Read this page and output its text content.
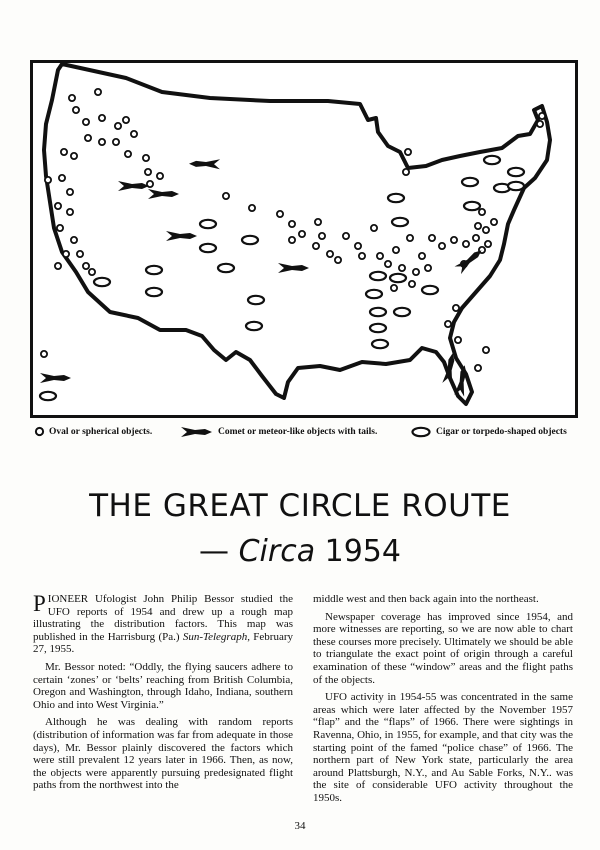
Oval or spherical objects.	Comet or meteor-like objects with tails.	Cigar or torpedo-shaped objects
THE GREAT CIRCLE ROUTE
— Circa 1954

PIONEER Ufologist John Philip Bessor studied the UFO reports of 1954 and drew up a rough map illustrating the distribution factors. This map was published in the Harrisburg (Pa.) Sun-Telegraph, February 27, 1955.

Mr. Bessor noted: “Oddly, the flying saucers adhere to certain ‘zones’ or ‘belts’ reaching from British Columbia, Oregon and Washington, through Idaho, Indiana, southern Ohio and into West Virginia.”

Although he was dealing with random reports (distribution of information was far from adequate in those days), Mr. Bessor plainly discovered the factors which were still prevalent 12 years later in 1966. Then, as now, the objects were apparently pursuing predesignated flight paths from the northwest into the

middle west and then back again into the northeast.

Newspaper coverage has improved since 1954, and more witnesses are reporting, so we are now able to chart these courses more precisely. Ultimately we should be able to triangulate the exact point of origin through a careful examination of these “window” areas and the flight paths of the objects.

UFO activity in 1954-55 was concentrated in the same areas which were later affected by the November 1957 “flap” and the “flaps” of 1966. There were sightings in Ravenna, Ohio, in 1955, for example, and that city was the starting point of the famed “police chase” of 1966. The northern part of New York state, particularly the area around Plattsburgh, N.Y., and Au Sable Forks, N.Y.. was the site of considerable UFO activity throughout the 1950s.

34
